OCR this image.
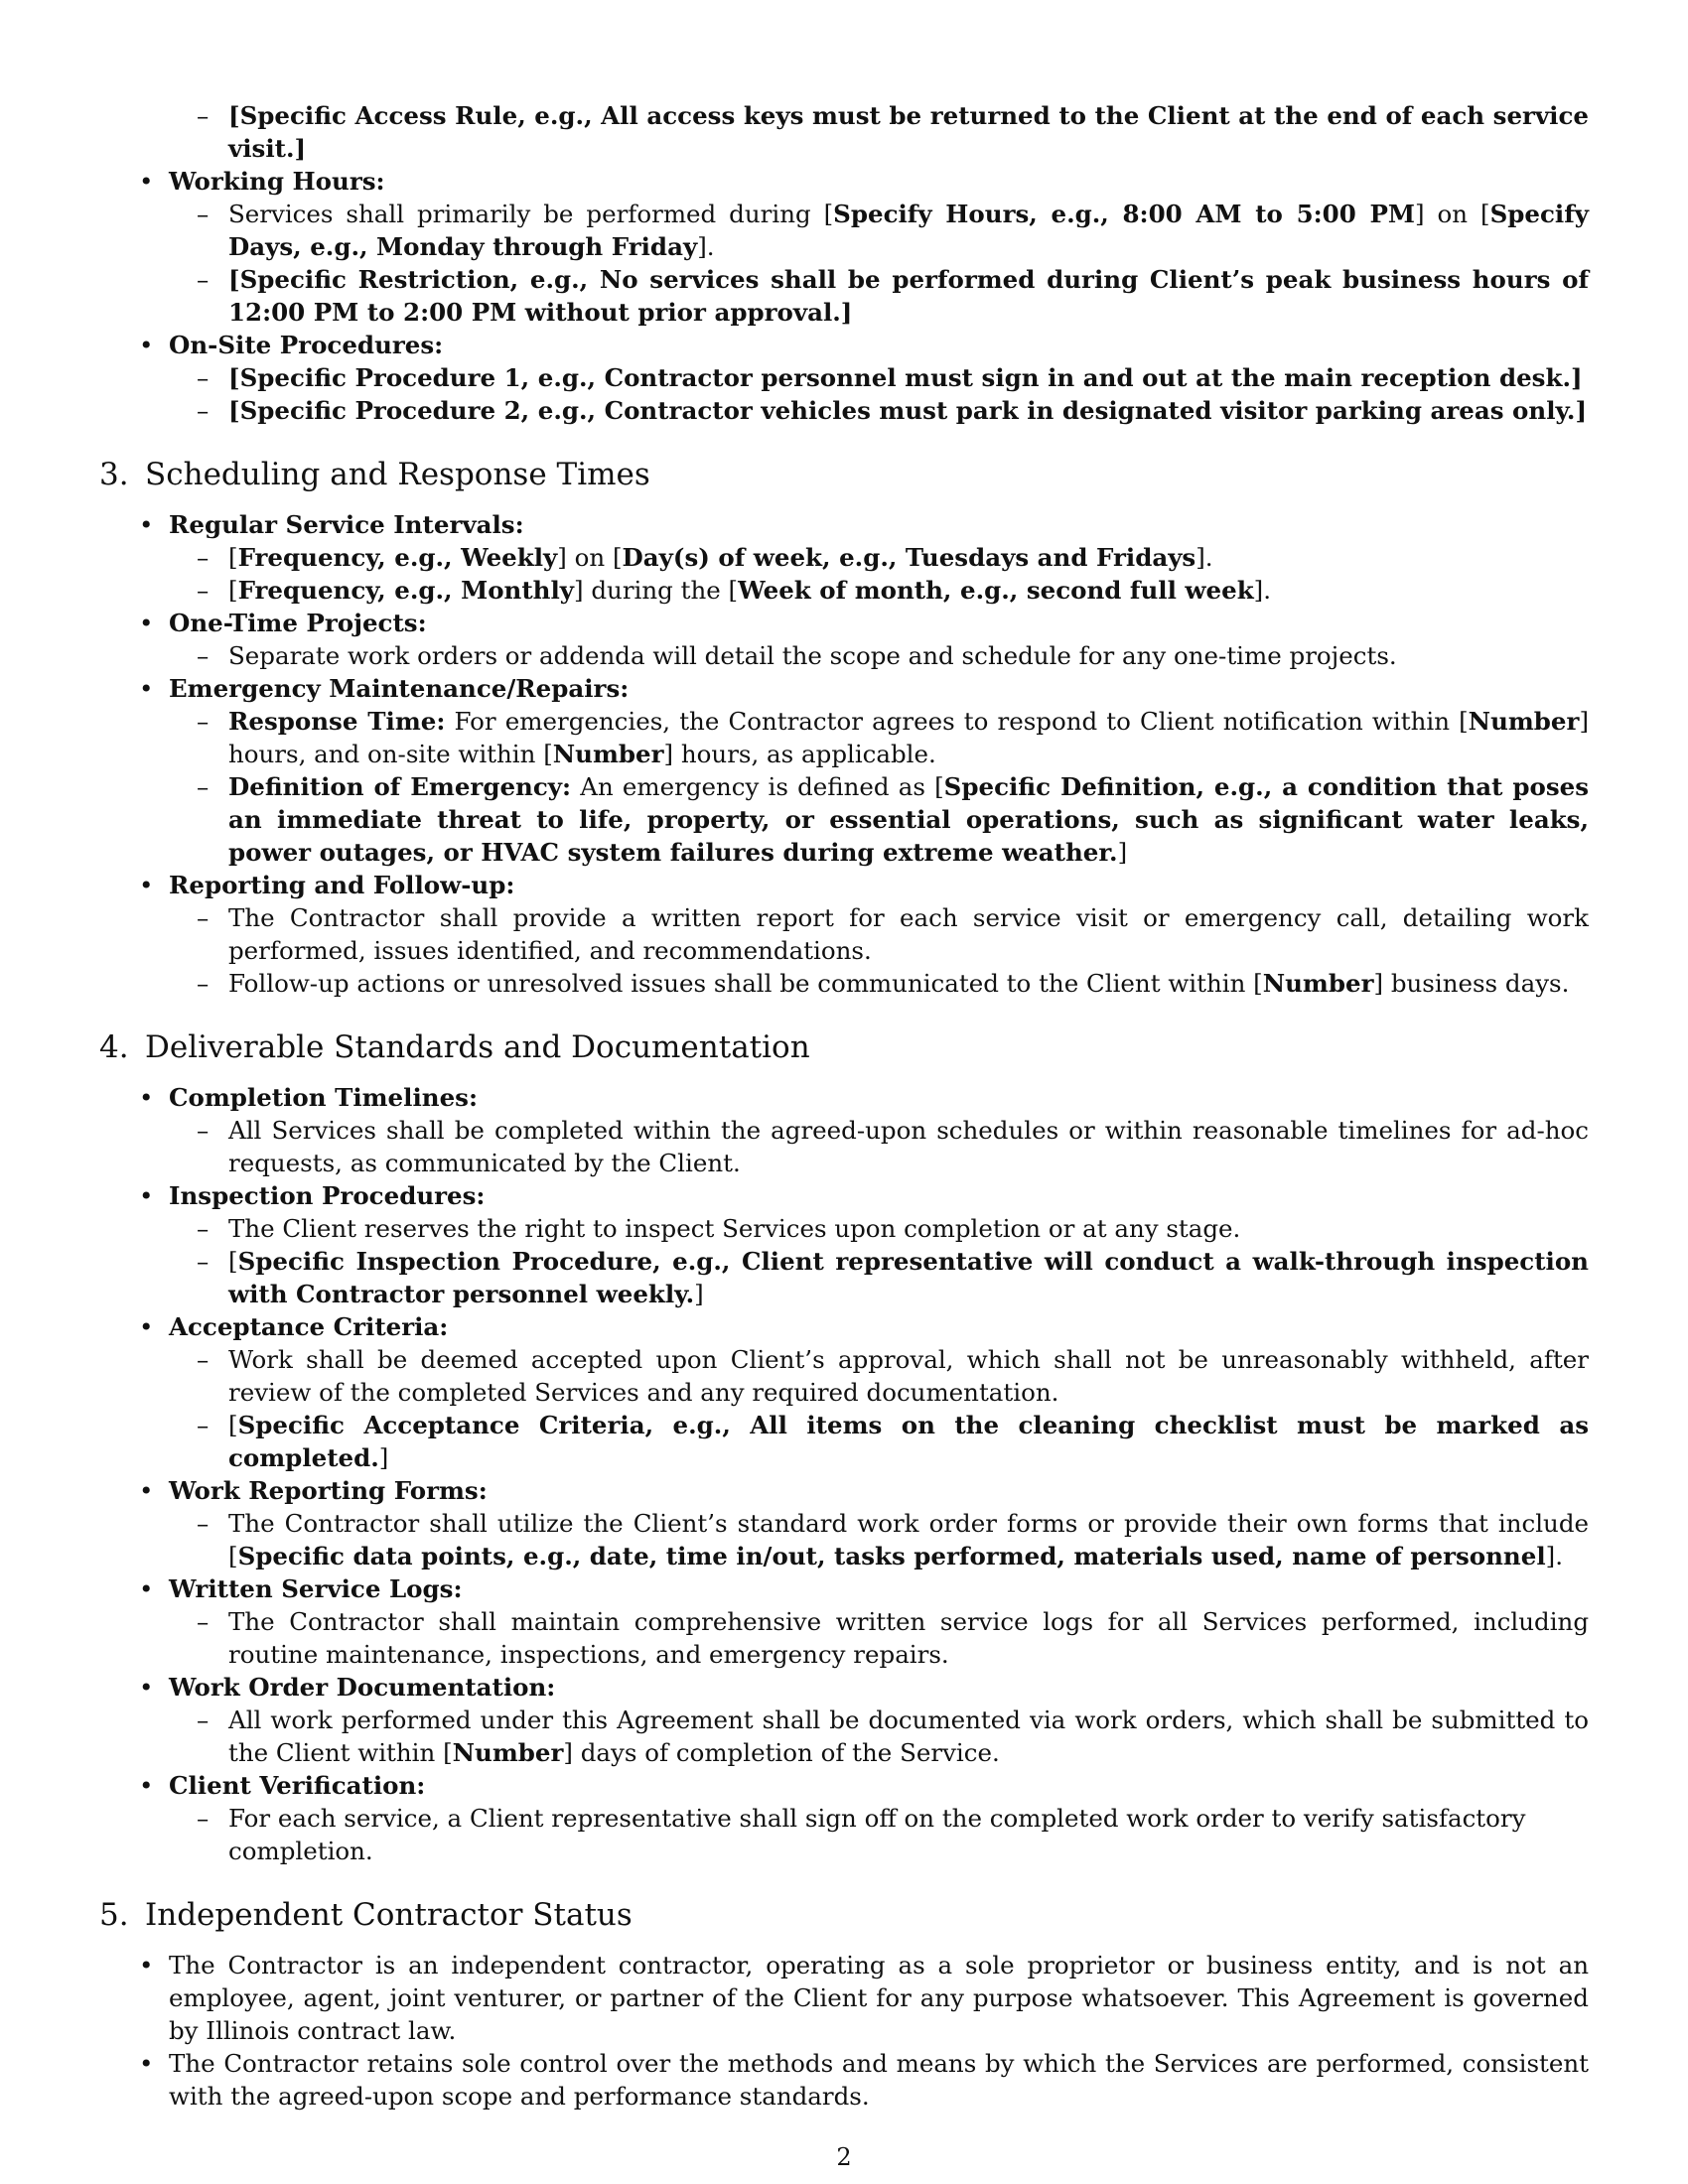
– [Specific Access Rule, e.g., All access keys must be returned to the Client at the end of each service visit.]

• Working Hours:

– Services shall primarily be performed during [Specify Hours, e.g., 8:00 AM to 5:00 PM] on [Specify Days, e.g., Monday through Friday].

– [Specific Restriction, e.g., No services shall be performed during Client’s peak business hours of 12:00 PM to 2:00 PM without prior approval.]

• On-Site Procedures:

– [Specific Procedure 1, e.g., Contractor personnel must sign in and out at the main reception desk.]

– [Specific Procedure 2, e.g., Contractor vehicles must park in designated visitor parking areas only.]

3. Scheduling and Response Times

• Regular Service Intervals:

– [Frequency, e.g., Weekly] on [Day(s) of week, e.g., Tuesdays and Fridays].

– [Frequency, e.g., Monthly] during the [Week of month, e.g., second full week].

• One-Time Projects:

– Separate work orders or addenda will detail the scope and schedule for any one-time projects.

• Emergency Maintenance/Repairs:

– Response Time: For emergencies, the Contractor agrees to respond to Client notification within [Number] hours, and on-site within [Number] hours, as applicable.

– Definition of Emergency: An emergency is defined as [Specific Definition, e.g., a condition that poses an immediate threat to life, property, or essential operations, such as significant water leaks, power outages, or HVAC system failures during extreme weather.]

• Reporting and Follow-up:

– The Contractor shall provide a written report for each service visit or emergency call, detailing work performed, issues identified, and recommendations.

– Follow-up actions or unresolved issues shall be communicated to the Client within [Number] business days.

4. Deliverable Standards and Documentation

• Completion Timelines:

– All Services shall be completed within the agreed-upon schedules or within reasonable timelines for ad-hoc requests, as communicated by the Client.

• Inspection Procedures:

– The Client reserves the right to inspect Services upon completion or at any stage.

– [Specific Inspection Procedure, e.g., Client representative will conduct a walk-through inspection with Contractor personnel weekly.]

• Acceptance Criteria:

– Work shall be deemed accepted upon Client’s approval, which shall not be unreasonably withheld, after review of the completed Services and any required documentation.

– [Specific Acceptance Criteria, e.g., All items on the cleaning checklist must be marked as completed.]

• Work Reporting Forms:

– The Contractor shall utilize the Client’s standard work order forms or provide their own forms that include [Specific data points, e.g., date, time in/out, tasks performed, materials used, name of personnel].

• Written Service Logs:

– The Contractor shall maintain comprehensive written service logs for all Services performed, including routine maintenance, inspections, and emergency repairs.

• Work Order Documentation:

– All work performed under this Agreement shall be documented via work orders, which shall be submitted to the Client within [Number] days of completion of the Service.

• Client Verification:

– For each service, a Client representative shall sign off on the completed work order to verify satisfactory completion.

5. Independent Contractor Status

• The Contractor is an independent contractor, operating as a sole proprietor or business entity, and is not an employee, agent, joint venturer, or partner of the Client for any purpose whatsoever. This Agreement is governed by Illinois contract law.

• The Contractor retains sole control over the methods and means by which the Services are performed, consistent with the agreed-upon scope and performance standards.

2
